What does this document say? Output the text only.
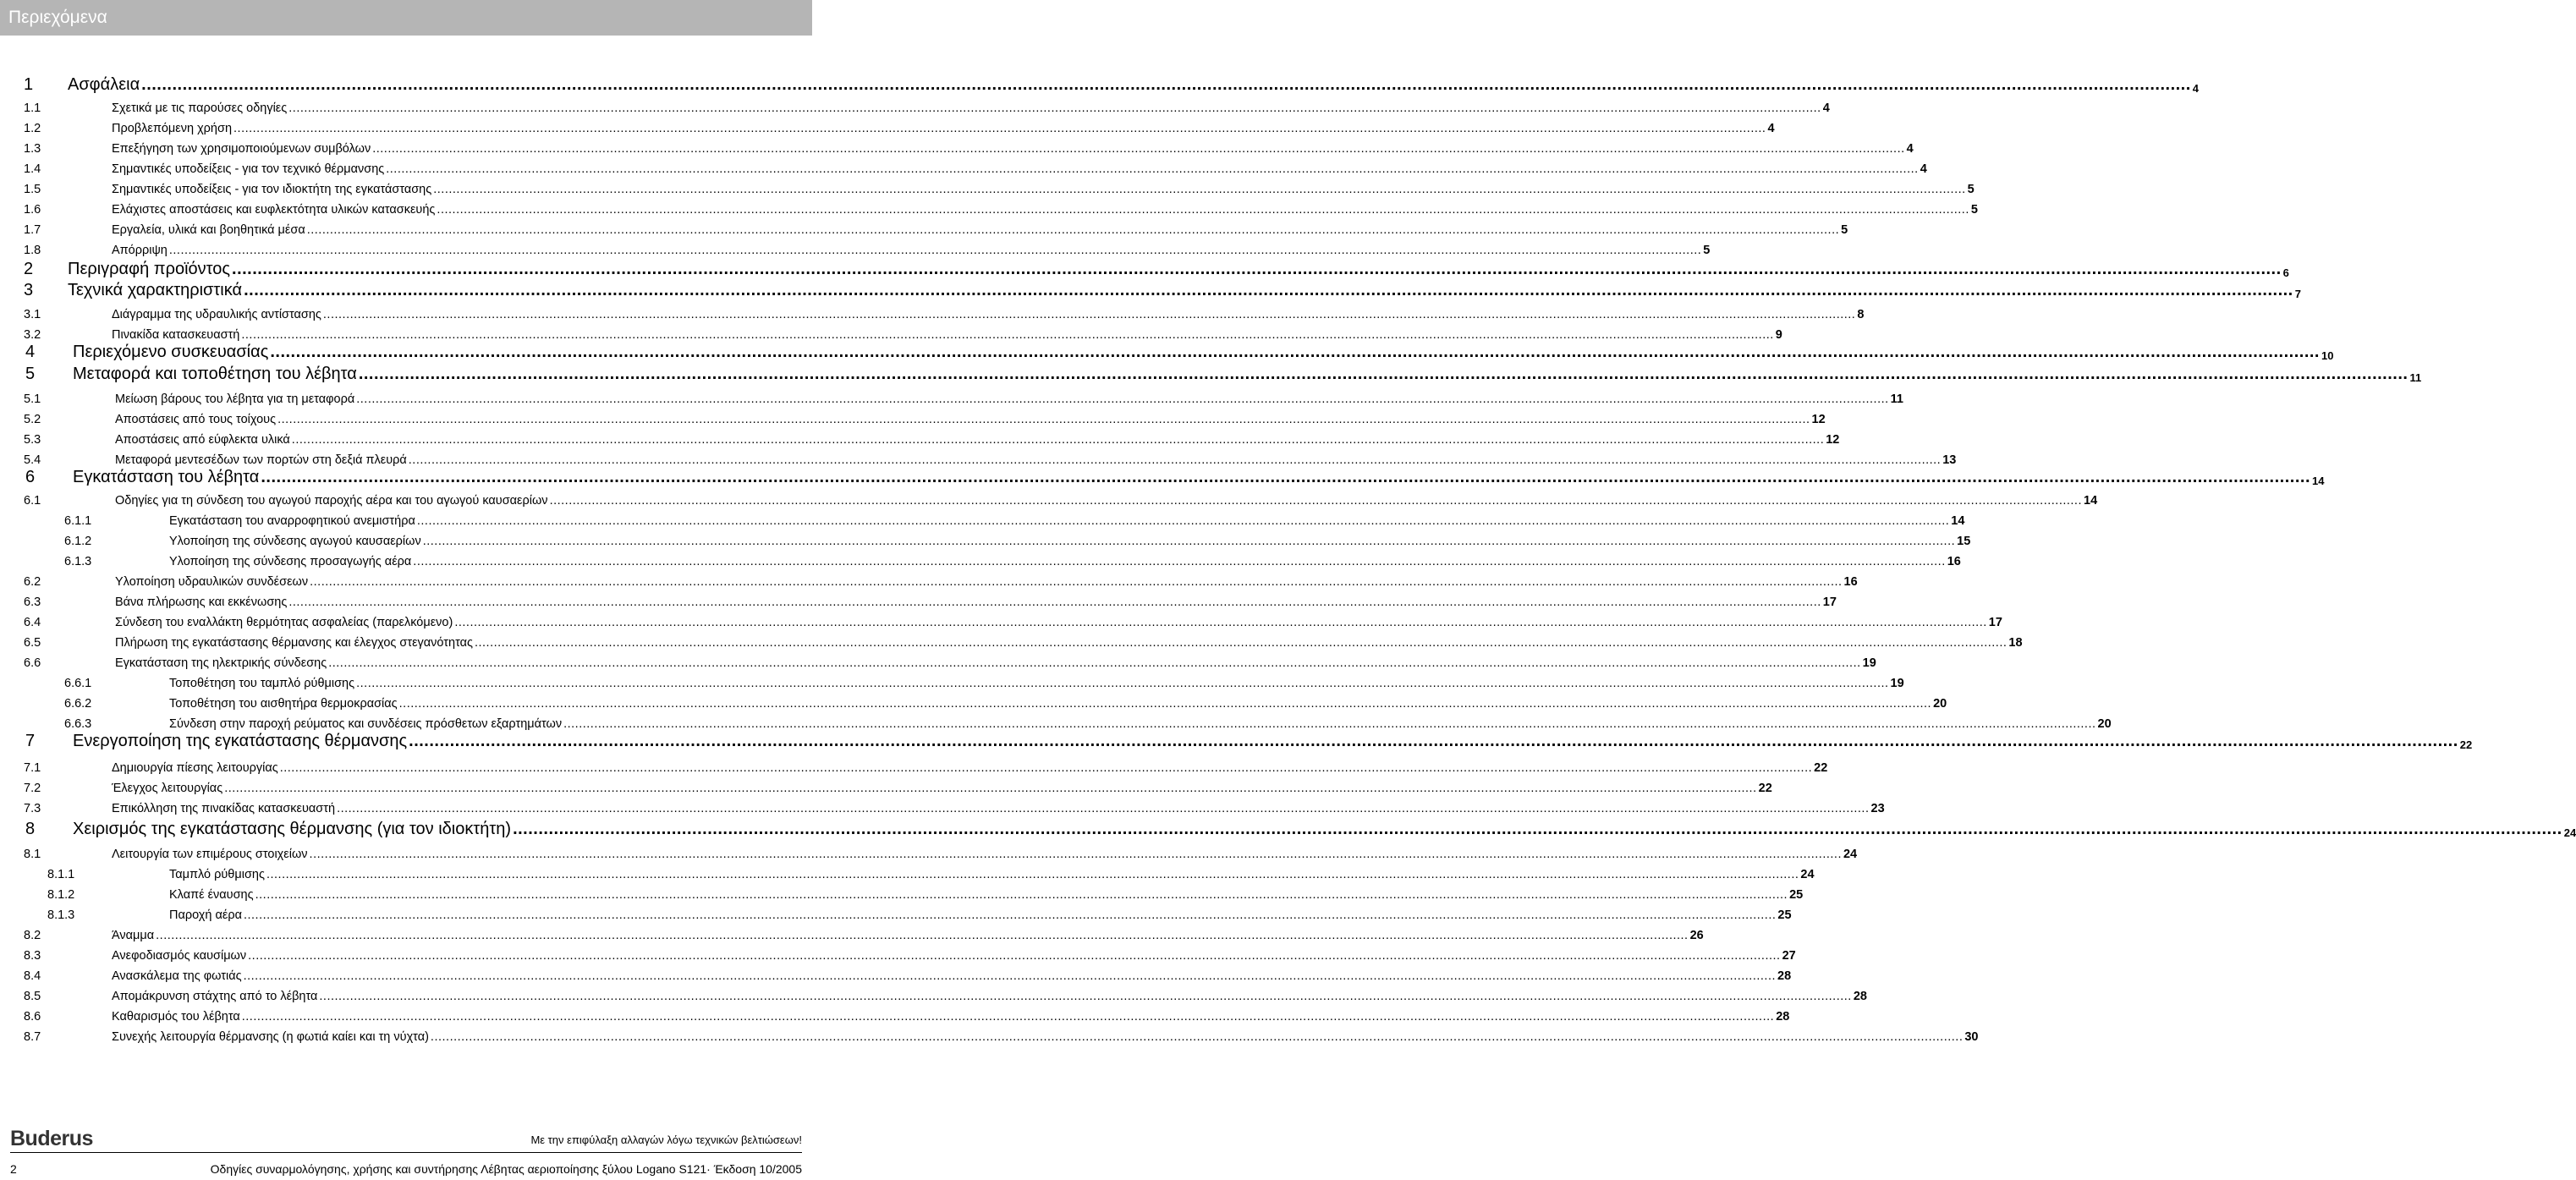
Περιεχόμενα
1 Ασφάλεια ................................................................................................................................................................................................................................................................................................................................................................................................................ 4
1.1	Σχετικά με τις παρούσες οδηγίες ................................................................................................................................................................................................................................................................................................................................................................................................................ 4
1.2	Προβλεπόμενη χρήση ................................................................................................................................................................................................................................................................................................................................................................................................................ 4
1.3	Επεξήγηση των χρησιμοποιούμενων συμβόλων ................................................................................................................................................................................................................................................................................................................................................................................................................ 4
1.4	Σημαντικές υποδείξεις - για τον τεχνικό θέρμανσης ................................................................................................................................................................................................................................................................................................................................................................................................................ 4
1.5	Σημαντικές υποδείξεις - για τον ιδιοκτήτη της εγκατάστασης ................................................................................................................................................................................................................................................................................................................................................................................................................ 5
1.6	Ελάχιστες αποστάσεις και ευφλεκτότητα υλικών κατασκευής ................................................................................................................................................................................................................................................................................................................................................................................................................ 5
1.7	Εργαλεία, υλικά και βοηθητικά μέσα ................................................................................................................................................................................................................................................................................................................................................................................................................ 5
1.8	Απόρριψη ................................................................................................................................................................................................................................................................................................................................................................................................................ 5
2 Περιγραφή προϊόντος ................................................................................................................................................................................................................................................................................................................................................................................................................ 6
3 Τεχνικά χαρακτηριστικά ................................................................................................................................................................................................................................................................................................................................................................................................................ 7
3.1	Διάγραμμα της υδραυλικής αντίστασης ................................................................................................................................................................................................................................................................................................................................................................................................................ 8
3.2	Πινακίδα κατασκευαστή ................................................................................................................................................................................................................................................................................................................................................................................................................ 9
4 Περιεχόμενο συσκευασίας ................................................................................................................................................................................................................................................................................................................................................................................................................ 10
5 Μεταφορά και τοποθέτηση του λέβητα ................................................................................................................................................................................................................................................................................................................................................................................................................ 11
5.1	Μείωση βάρους του λέβητα για τη μεταφορά ................................................................................................................................................................................................................................................................................................................................................................................................................ 11
5.2	Αποστάσεις από τους τοίχους ................................................................................................................................................................................................................................................................................................................................................................................................................ 12
5.3	Αποστάσεις από εύφλεκτα υλικά ................................................................................................................................................................................................................................................................................................................................................................................................................ 12
5.4	Μεταφορά μεντεσέδων των πορτών στη δεξιά πλευρά ................................................................................................................................................................................................................................................................................................................................................................................................................ 13
6 Εγκατάσταση του λέβητα ................................................................................................................................................................................................................................................................................................................................................................................................................ 14
6.1	Οδηγίες για τη σύνδεση του αγωγού παροχής αέρα και του αγωγού καυσαερίων ................................................................................................................................................................................................................................................................................................................................................................................................................ 14
6.1.1	Εγκατάσταση του αναρροφητικού ανεμιστήρα ................................................................................................................................................................................................................................................................................................................................................................................................................ 14
6.1.2	Υλοποίηση της σύνδεσης αγωγού καυσαερίων ................................................................................................................................................................................................................................................................................................................................................................................................................ 15
6.1.3	Υλοποίηση της σύνδεσης προσαγωγής αέρα ................................................................................................................................................................................................................................................................................................................................................................................................................ 16
6.2	Υλοποίηση υδραυλικών συνδέσεων ................................................................................................................................................................................................................................................................................................................................................................................................................ 16
6.3	Βάνα πλήρωσης και εκκένωσης ................................................................................................................................................................................................................................................................................................................................................................................................................ 17
6.4	Σύνδεση του εναλλάκτη θερμότητας ασφαλείας (παρελκόμενο) ................................................................................................................................................................................................................................................................................................................................................................................................................ 17
6.5	Πλήρωση της εγκατάστασης θέρμανσης και έλεγχος στεγανότητας ................................................................................................................................................................................................................................................................................................................................................................................................................ 18
6.6	Εγκατάσταση της ηλεκτρικής σύνδεσης ................................................................................................................................................................................................................................................................................................................................................................................................................ 19
6.6.1	Τοποθέτηση του ταμπλό ρύθμισης ................................................................................................................................................................................................................................................................................................................................................................................................................ 19
6.6.2	Τοποθέτηση του αισθητήρα θερμοκρασίας ................................................................................................................................................................................................................................................................................................................................................................................................................ 20
6.6.3	Σύνδεση στην παροχή ρεύματος και συνδέσεις πρόσθετων εξαρτημάτων ................................................................................................................................................................................................................................................................................................................................................................................................................ 20
7 Ενεργοποίηση της εγκατάστασης θέρμανσης ................................................................................................................................................................................................................................................................................................................................................................................................................ 22
7.1	Δημιουργία πίεσης λειτουργίας ................................................................................................................................................................................................................................................................................................................................................................................................................ 22
7.2	Έλεγχος λειτουργίας ................................................................................................................................................................................................................................................................................................................................................................................................................ 22
7.3	Επικόλληση της πινακίδας κατασκευαστή ................................................................................................................................................................................................................................................................................................................................................................................................................ 23
8 Χειρισμός της εγκατάστασης θέρμανσης (για τον ιδιοκτήτη) ................................................................................................................................................................................................................................................................................................................................................................................................................ 24
8.1	Λειτουργία των επιμέρους στοιχείων ................................................................................................................................................................................................................................................................................................................................................................................................................ 24
8.1.1	Ταμπλό ρύθμισης ................................................................................................................................................................................................................................................................................................................................................................................................................ 24
8.1.2	Κλαπέ έναυσης ................................................................................................................................................................................................................................................................................................................................................................................................................ 25
8.1.3	Παροχή αέρα ................................................................................................................................................................................................................................................................................................................................................................................................................ 25
8.2	Άναμμα ................................................................................................................................................................................................................................................................................................................................................................................................................ 26
8.3	Ανεφοδιασμός καυσίμων ................................................................................................................................................................................................................................................................................................................................................................................................................ 27
8.4	Ανασκάλεμα της φωτιάς ................................................................................................................................................................................................................................................................................................................................................................................................................ 28
8.5	Απομάκρυνση στάχτης από το λέβητα ................................................................................................................................................................................................................................................................................................................................................................................................................ 28
8.6	Καθαρισμός του λέβητα ................................................................................................................................................................................................................................................................................................................................................................................................................ 28
8.7	Συνεχής λειτουργία θέρμανσης (η φωτιά καίει και τη νύχτα) ................................................................................................................................................................................................................................................................................................................................................................................................................ 30
Buderus	Με την επιφύλαξη αλλαγών λόγω τεχνικών βελτιώσεων!
2	Οδηγίες συναρμολόγησης, χρήσης και συντήρησης Λέβητας αεριοποίησης ξύλου Logano S121· Έκδοση 10/2005
